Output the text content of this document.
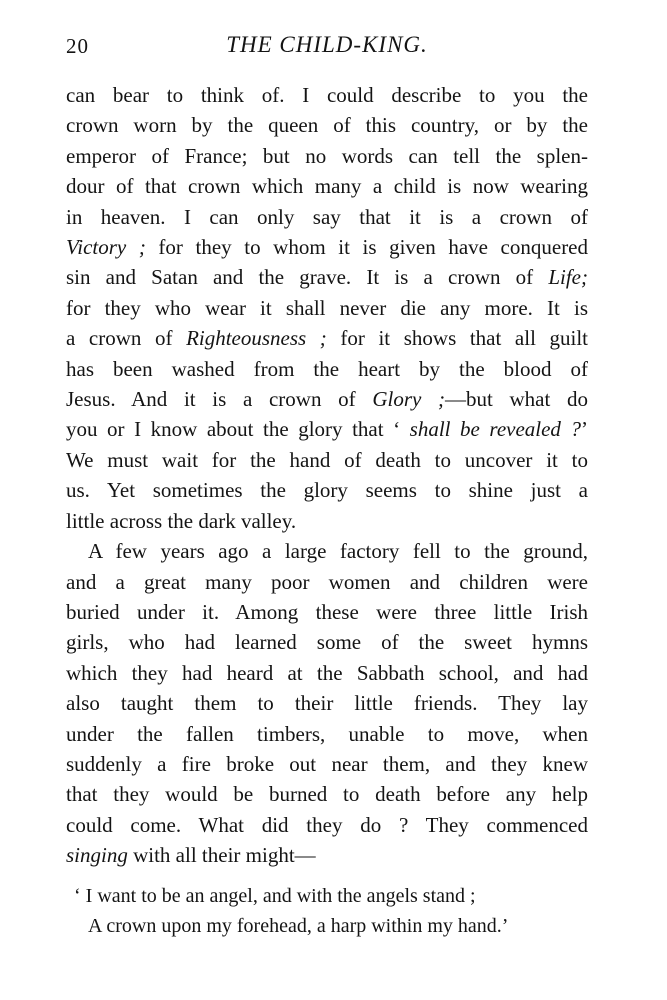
20	THE CHILD-KING.
can bear to think of. I could describe to you the
crown worn by the queen of this country, or by the
emperor of France; but no words can tell the splen-
dour of that crown which many a child is now wearing
in heaven. I can only say that it is a crown of
Victory ; for they to whom it is given have conquered
sin and Satan and the grave. It is a crown of Life;
for they who wear it shall never die any more. It is
a crown of Righteousness ; for it shows that all guilt
has been washed from the heart by the blood of
Jesus. And it is a crown of Glory ;—but what do
you or I know about the glory that ‘ shall be revealed ?’
We must wait for the hand of death to uncover it to
us. Yet sometimes the glory seems to shine just a
little across the dark valley.
A few years ago a large factory fell to the ground,
and a great many poor women and children were
buried under it. Among these were three little Irish
girls, who had learned some of the sweet hymns
which they had heard at the Sabbath school, and had
also taught them to their little friends. They lay
under the fallen timbers, unable to move, when
suddenly a fire broke out near them, and they knew
that they would be burned to death before any help
could come. What did they do ? They commenced
singing with all their might—
‘ I want to be an angel, and with the angels stand ;
A crown upon my forehead, a harp within my hand.’
